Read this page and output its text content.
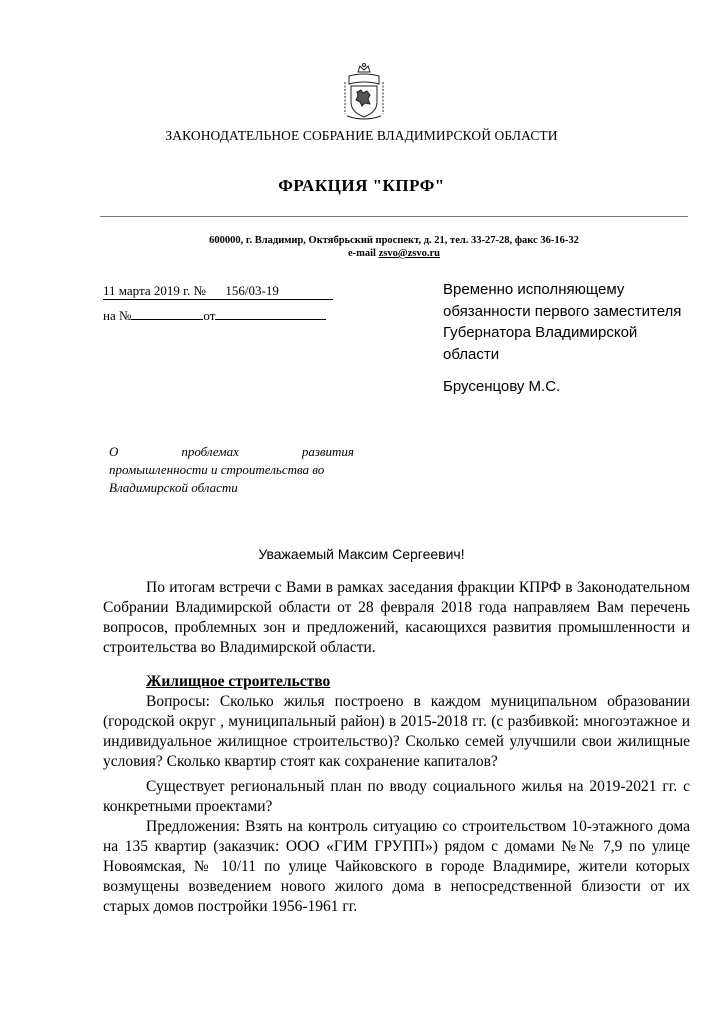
ЗАКОНОДАТЕЛЬНОЕ СОБРАНИЕ ВЛАДИМИРСКОЙ ОБЛАСТИ
ФРАКЦИЯ "КПРФ"
600000, г. Владимир, Октябрьский проспект, д. 21, тел. 33-27-28, факс 36-16-32
e-mail zsvo@zsvo.ru
11 марта 2019 г. №      156/03-19
на №	от
Временно исполняющему обязанности первого заместителя Губернатора Владимирской области
Брусенцову М.С.
О	проблемах	развития
промышленности и строительства во
Владимирской области
Уважаемый Максим Сергеевич!

По итогам встречи с Вами в рамках заседания фракции КПРФ в Законодательном Собрании Владимирской области от 28 февраля 2018 года направляем Вам перечень вопросов, проблемных зон и предложений, касающихся развития промышленности и строительства во Владимирской области.

Жилищное строительство

Вопросы: Сколько жилья построено в каждом муниципальном образовании (городской округ , муниципальный район) в 2015-2018 гг. (с разбивкой: многоэтажное и индивидуальное жилищное строительство)? Сколько семей улучшили свои жилищные условия? Сколько квартир стоят как сохранение капиталов?

Существует региональный план по вводу социального жилья на 2019-2021 гг. с конкретными проектами?

Предложения: Взять на контроль ситуацию со строительством 10-этажного дома на 135 квартир (заказчик: ООО «ГИМ ГРУПП») рядом с домами №№ 7,9 по улице Новоямская, № 10/11 по улице Чайковского в городе Владимире, жители которых возмущены возведением нового жилого дома в непосредственной близости от их старых домов постройки 1956-1961 гг.
